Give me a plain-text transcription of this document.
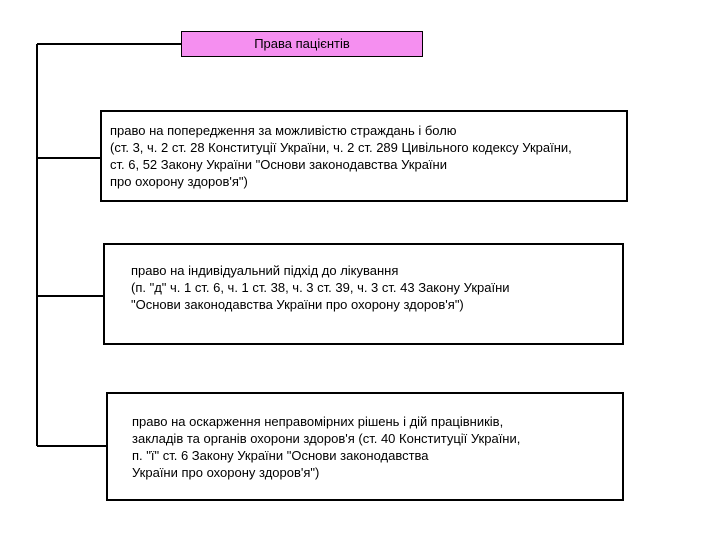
Права пацієнтів
право на попередження за можливістю страждань і болю
(ст. 3, ч. 2 ст. 28 Конституції України, ч. 2 ст. 289 Цивільного кодексу України,
ст. 6, 52 Закону України "Основи законодавства України
про охорону здоров'я")
право на індивідуальний підхід до лікування
(п. "д" ч. 1 ст. 6, ч. 1 ст. 38, ч. 3 ст. 39, ч. 3 ст. 43 Закону України
"Основи законодавства України про охорону здоров'я")
право на оскарження неправомірних рішень і дій працівників,
закладів та органів охорони здоров'я (ст. 40 Конституції України,
п. "ї" ст. 6 Закону України "Основи законодавства
України про охорону здоров'я")
